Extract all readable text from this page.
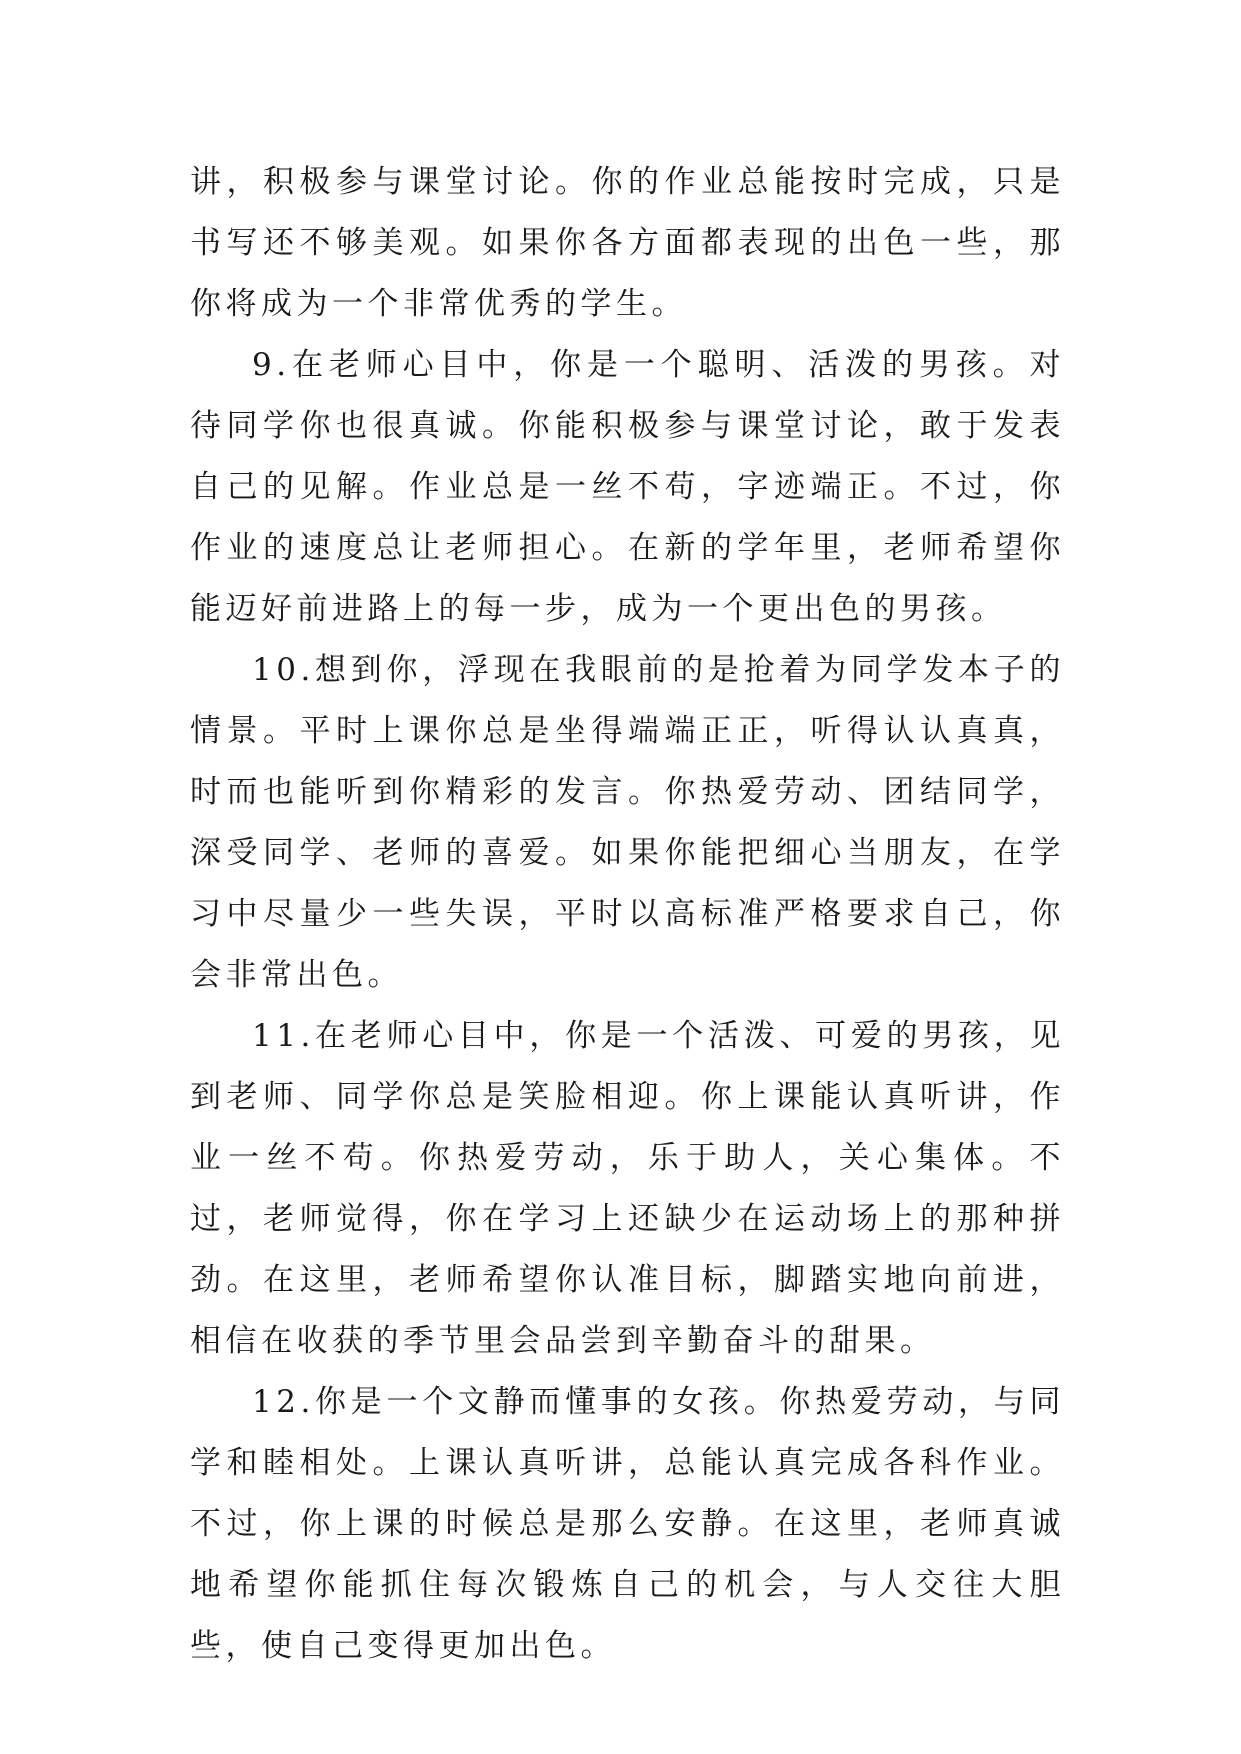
讲，积极参与课堂讨论。你的作业总能按时完成，只是书写还不够美观。如果你各方面都表现的出色一些，那你将成为一个非常优秀的学生。

9.在老师心目中，你是一个聪明、活泼的男孩。对待同学你也很真诚。你能积极参与课堂讨论，敢于发表自己的见解。作业总是一丝不苟，字迹端正。不过，你作业的速度总让老师担心。在新的学年里，老师希望你能迈好前进路上的每一步，成为一个更出色的男孩。

10.想到你，浮现在我眼前的是抢着为同学发本子的情景。平时上课你总是坐得端端正正，听得认认真真，时而也能听到你精彩的发言。你热爱劳动、团结同学，深受同学、老师的喜爱。如果你能把细心当朋友，在学习中尽量少一些失误，平时以高标准严格要求自己，你会非常出色。

11.在老师心目中，你是一个活泼、可爱的男孩，见到老师、同学你总是笑脸相迎。你上课能认真听讲，作业一丝不苟。你热爱劳动，乐于助人，关心集体。不过，老师觉得，你在学习上还缺少在运动场上的那种拼劲。在这里，老师希望你认准目标，脚踏实地向前进，相信在收获的季节里会品尝到辛勤奋斗的甜果。

12.你是一个文静而懂事的女孩。你热爱劳动，与同学和睦相处。上课认真听讲，总能认真完成各科作业。不过，你上课的时候总是那么安静。在这里，老师真诚地希望你能抓住每次锻炼自己的机会，与人交往大胆些，使自己变得更加出色。
